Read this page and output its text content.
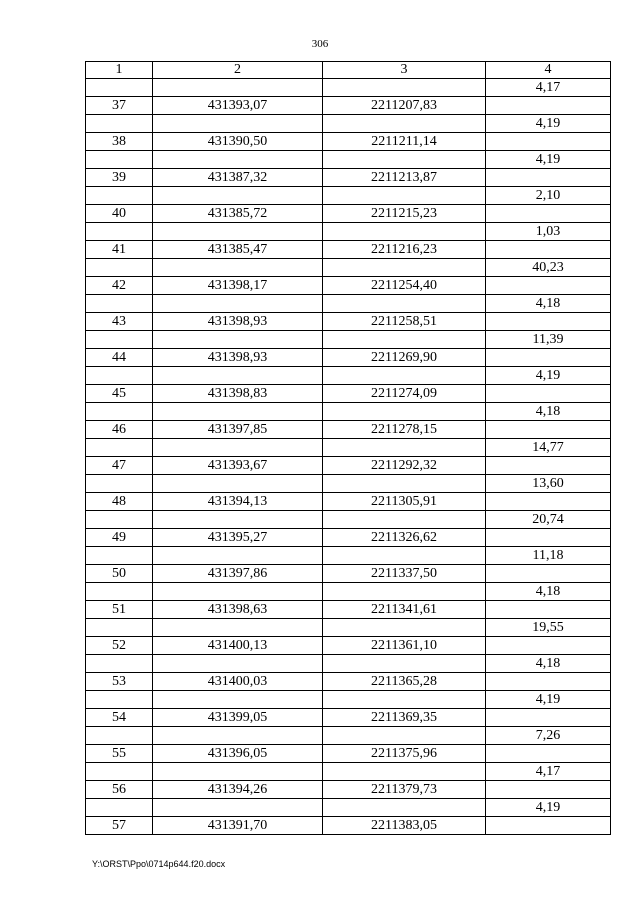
306
1	2	3	4
			4,17
37	431393,07	2211207,83	
			4,19
38	431390,50	2211211,14	
			4,19
39	431387,32	2211213,87	
			2,10
40	431385,72	2211215,23	
			1,03
41	431385,47	2211216,23	
			40,23
42	431398,17	2211254,40	
			4,18
43	431398,93	2211258,51	
			11,39
44	431398,93	2211269,90	
			4,19
45	431398,83	2211274,09	
			4,18
46	431397,85	2211278,15	
			14,77
47	431393,67	2211292,32	
			13,60
48	431394,13	2211305,91	
			20,74
49	431395,27	2211326,62	
			11,18
50	431397,86	2211337,50	
			4,18
51	431398,63	2211341,61	
			19,55
52	431400,13	2211361,10	
			4,18
53	431400,03	2211365,28	
			4,19
54	431399,05	2211369,35	
			7,26
55	431396,05	2211375,96	
			4,17
56	431394,26	2211379,73	
			4,19
57	431391,70	2211383,05	
Y:\ORST\Ppo\0714p644.f20.docx
